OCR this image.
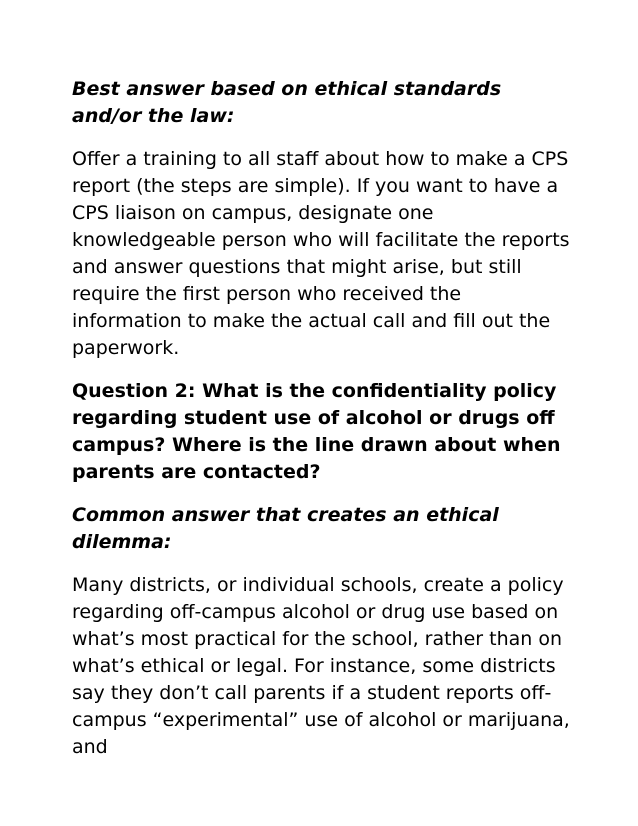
Best answer based on ethical standards and/or the law:

Offer a training to all staff about how to make a CPS report (the steps are simple). If you want to have a CPS liaison on campus, designate one knowledgeable person who will facilitate the reports and answer questions that might arise, but still require the first person who received the information to make the actual call and fill out the paperwork.

Question 2: What is the confidentiality policy regarding student use of alcohol or drugs off campus? Where is the line drawn about when parents are contacted?

Common answer that creates an ethical dilemma:

Many districts, or individual schools, create a policy regarding off-campus alcohol or drug use based on what’s most practical for the school, rather than on what’s ethical or legal. For instance, some districts say they don’t call parents if a student reports off-campus “experimental” use of alcohol or marijuana, and
